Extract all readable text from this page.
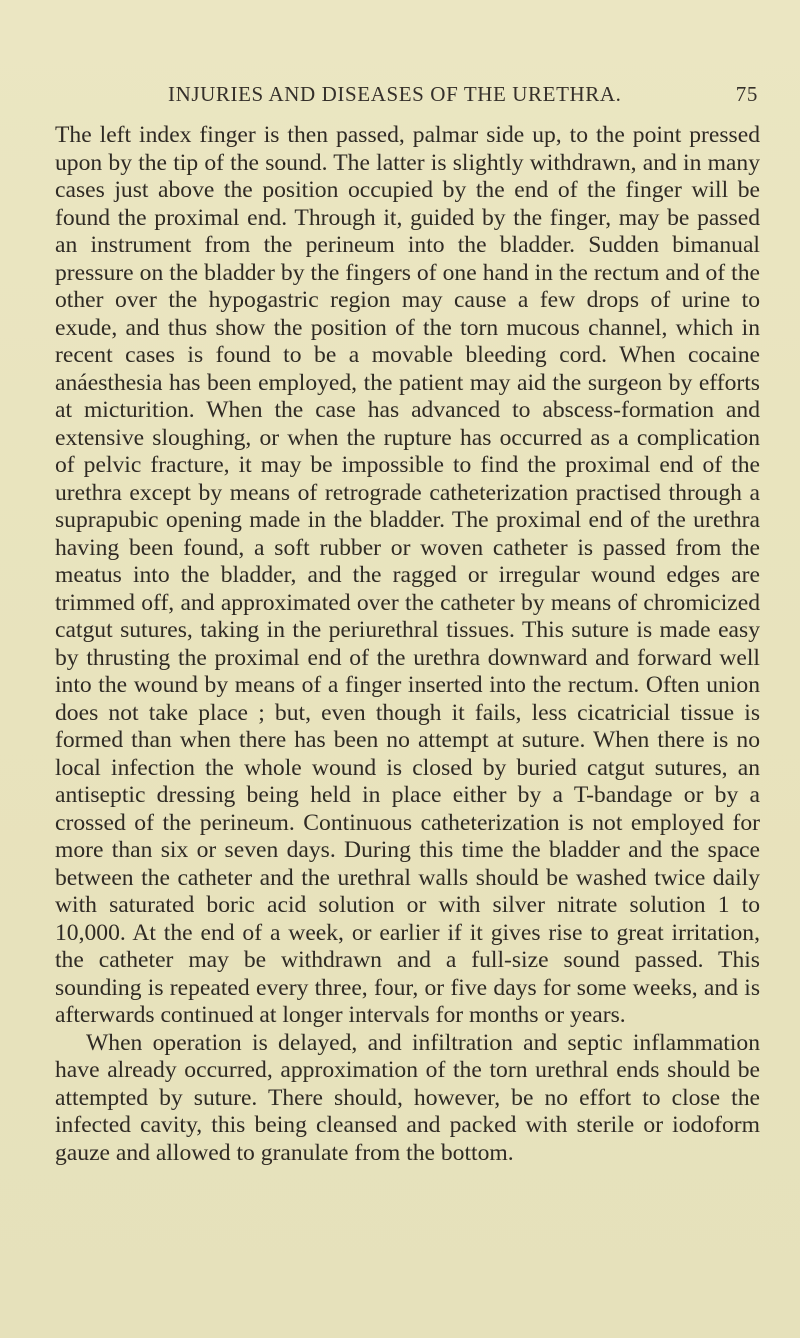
INJURIES AND DISEASES OF THE URETHRA.	75

The left index finger is then passed, palmar side up, to the point pressed upon by the tip of the sound. The latter is slightly withdrawn, and in many cases just above the position occupied by the end of the finger will be found the proximal end. Through it, guided by the finger, may be passed an instrument from the perineum into the bladder. Sudden bimanual pressure on the bladder by the fingers of one hand in the rectum and of the other over the hypogastric region may cause a few drops of urine to exude, and thus show the position of the torn mucous channel, which in recent cases is found to be a movable bleeding cord. When cocaine anáesthesia has been employed, the patient may aid the surgeon by efforts at micturition. When the case has advanced to abscess-formation and extensive sloughing, or when the rupture has occurred as a complication of pelvic fracture, it may be impossible to find the proximal end of the urethra except by means of retrograde catheterization practised through a suprapubic opening made in the bladder. The proximal end of the urethra having been found, a soft rubber or woven catheter is passed from the meatus into the bladder, and the ragged or irregular wound edges are trimmed off, and approximated over the catheter by means of chromicized catgut sutures, taking in the periurethral tissues. This suture is made easy by thrusting the proximal end of the urethra downward and forward well into the wound by means of a finger inserted into the rectum. Often union does not take place ; but, even though it fails, less cicatricial tissue is formed than when there has been no attempt at suture. When there is no local infection the whole wound is closed by buried catgut sutures, an antiseptic dressing being held in place either by a T-bandage or by a crossed of the perineum. Continuous catheterization is not employed for more than six or seven days. During this time the bladder and the space between the catheter and the urethral walls should be washed twice daily with saturated boric acid solution or with silver nitrate solution 1 to 10,000. At the end of a week, or earlier if it gives rise to great irritation, the catheter may be withdrawn and a full-size sound passed. This sounding is repeated every three, four, or five days for some weeks, and is afterwards continued at longer intervals for months or years.

When operation is delayed, and infiltration and septic inflammation have already occurred, approximation of the torn urethral ends should be attempted by suture. There should, however, be no effort to close the infected cavity, this being cleansed and packed with sterile or iodoform gauze and allowed to granulate from the bottom.
